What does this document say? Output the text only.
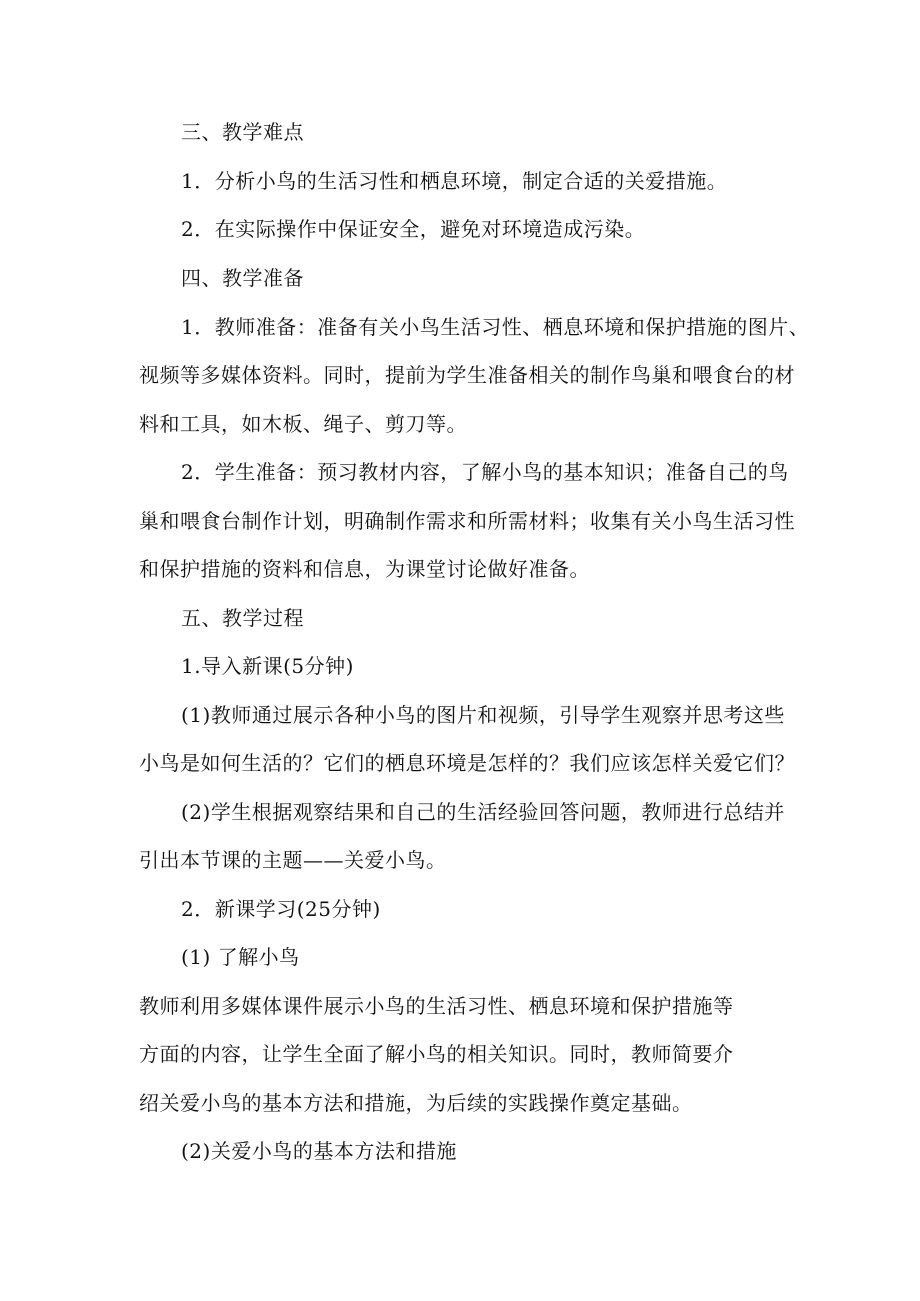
三、教学难点
1．分析小鸟的生活习性和栖息环境，制定合适的关爱措施。
2．在实际操作中保证安全，避免对环境造成污染。
四、教学准备
1．教师准备：准备有关小鸟生活习性、栖息环境和保护措施的图片、
视频等多媒体资料。同时，提前为学生准备相关的制作鸟巢和喂食台的材
料和工具，如木板、绳子、剪刀等。
2．学生准备：预习教材内容，了解小鸟的基本知识；准备自己的鸟
巢和喂食台制作计划，明确制作需求和所需材料；收集有关小鸟生活习性
和保护措施的资料和信息，为课堂讨论做好准备。
五、教学过程
1.导入新课(5分钟)
(1)教师通过展示各种小鸟的图片和视频，引导学生观察并思考这些
小鸟是如何生活的？它们的栖息环境是怎样的？我们应该怎样关爱它们？
(2)学生根据观察结果和自己的生活经验回答问题，教师进行总结并
引出本节课的主题——关爱小鸟。
2．新课学习(25分钟)
(1) 了解小鸟
教师利用多媒体课件展示小鸟的生活习性、栖息环境和保护措施等
方面的内容，让学生全面了解小鸟的相关知识。同时，教师简要介
绍关爱小鸟的基本方法和措施，为后续的实践操作奠定基础。
(2)关爱小鸟的基本方法和措施
